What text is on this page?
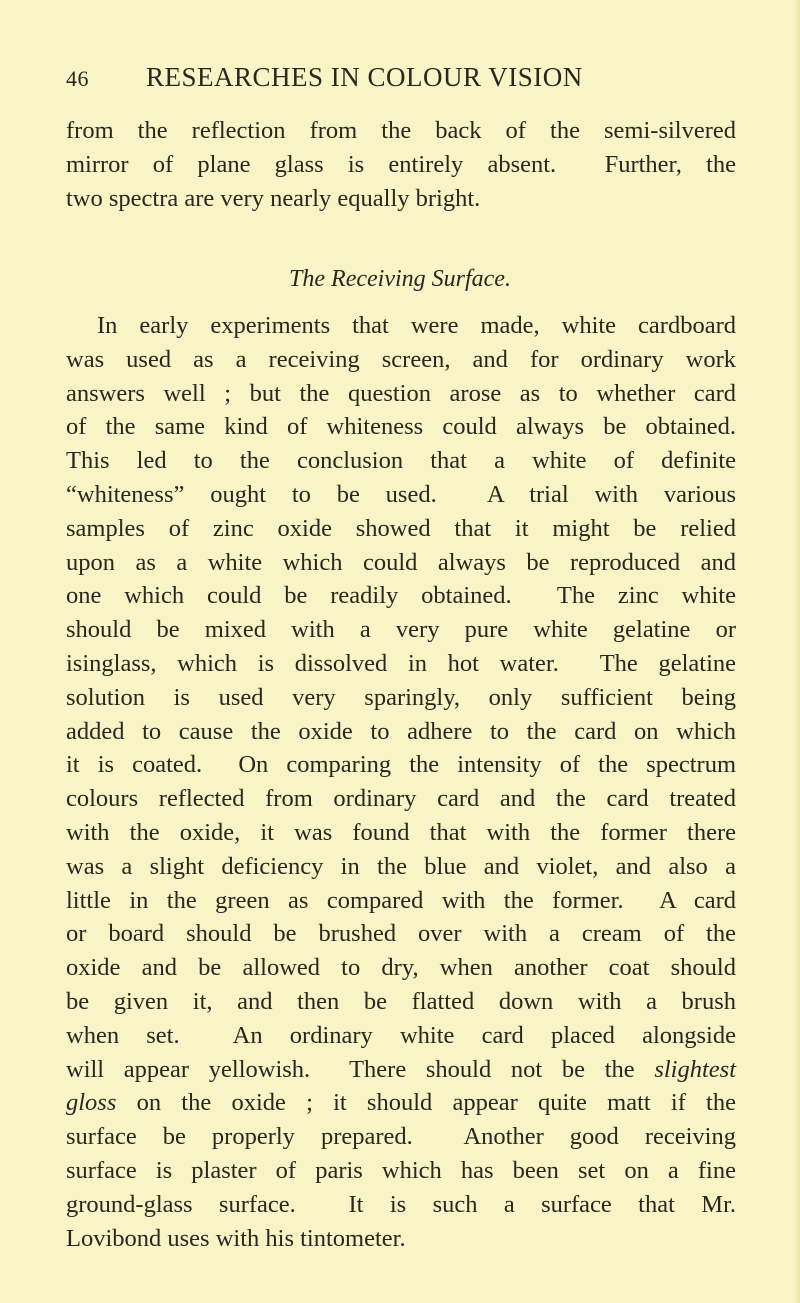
46 RESEARCHES IN COLOUR VISION
from the reflection from the back of the semi-silvered
mirror of plane glass is entirely absent.  Further, the
two spectra are very nearly equally bright.
The Receiving Surface.
In early experiments that were made, white cardboard
was used as a receiving screen, and for ordinary work
answers well ; but the question arose as to whether card
of the same kind of whiteness could always be obtained.
This led to the conclusion that a white of definite
“whiteness” ought to be used.  A trial with various
samples of zinc oxide showed that it might be relied
upon as a white which could always be reproduced and
one which could be readily obtained.  The zinc white
should be mixed with a very pure white gelatine or
isinglass, which is dissolved in hot water.  The gelatine
solution is used very sparingly, only sufficient being
added to cause the oxide to adhere to the card on which
it is coated.  On comparing the intensity of the spectrum
colours reflected from ordinary card and the card treated
with the oxide, it was found that with the former there
was a slight deficiency in the blue and violet, and also a
little in the green as compared with the former.  A card
or board should be brushed over with a cream of the
oxide and be allowed to dry, when another coat should
be given it, and then be flatted down with a brush
when set.  An ordinary white card placed alongside
will appear yellowish.  There should not be the slightest
gloss on the oxide ; it should appear quite matt if the
surface be properly prepared.  Another good receiving
surface is plaster of paris which has been set on a fine
ground-glass surface.  It is such a surface that Mr.
Lovibond uses with his tintometer.
